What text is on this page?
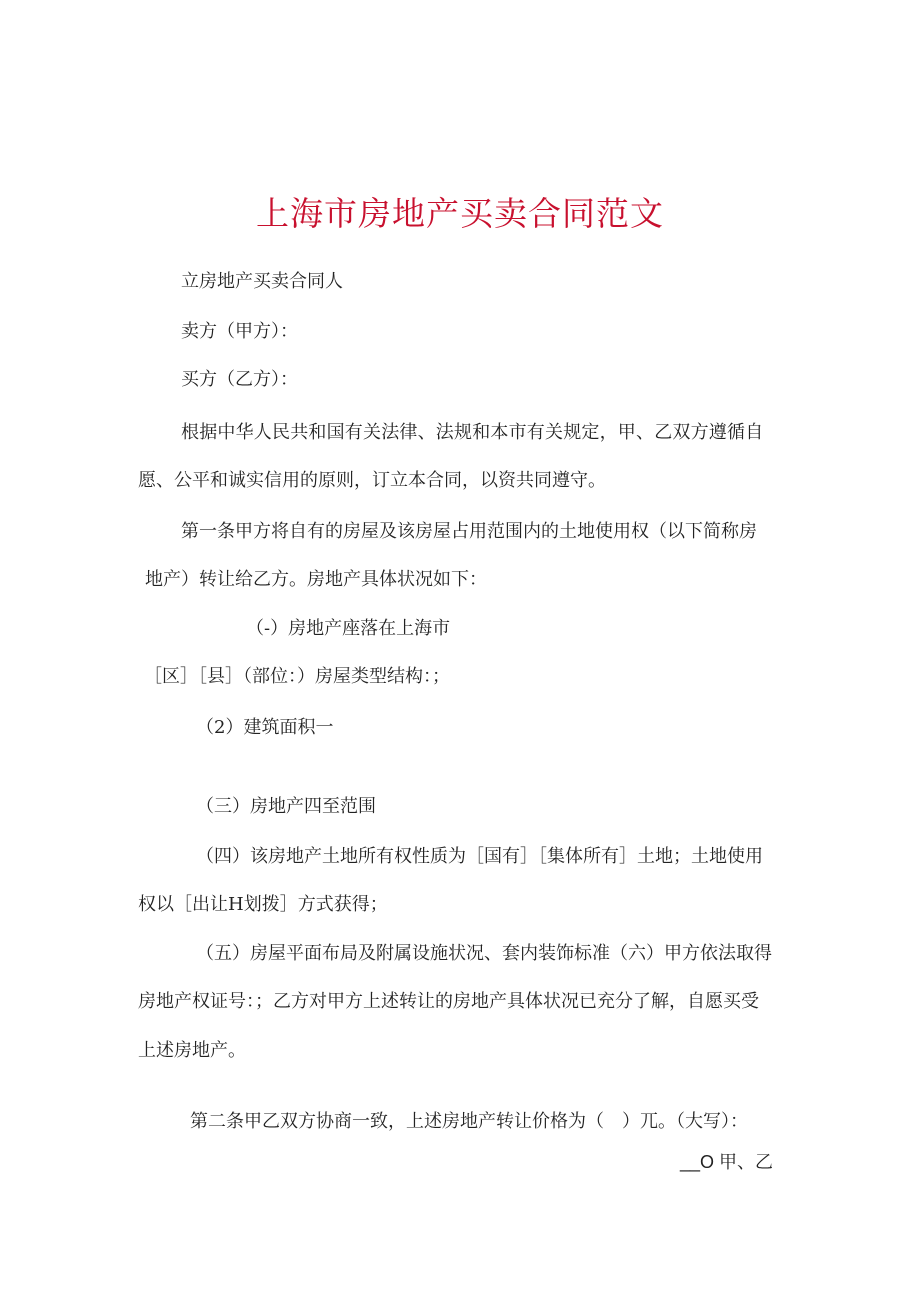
上海市房地产买卖合同范文

立房地产买卖合同人

卖方（甲方）：

买方（乙方）：

根据中华人民共和国有关法律、法规和本市有关规定，甲、乙双方遵循自

愿、公平和诚实信用的原则，订立本合同，以资共同遵守。

第一条甲方将自有的房屋及该房屋占用范围内的土地使用权（以下简称房

地产）转让给乙方。房地产具体状况如下：

（-）房地产座落在上海市

［区］［县］（部位：）房屋类型结构：；

（2）建筑面积一

（三）房地产四至范围

（四）该房地产土地所有权性质为［国有］［集体所有］土地；土地使用

权以［出让H划拨］方式获得；

（五）房屋平面布局及附属设施状况、套内装饰标准（六）甲方依法取得

房地产权证号：；乙方对甲方上述转让的房地产具体状况已充分了解，自愿买受

上述房地产。

第二条甲乙双方协商一致，上述房地产转让价格为（　）兀。（大写）：

__O 甲、乙
